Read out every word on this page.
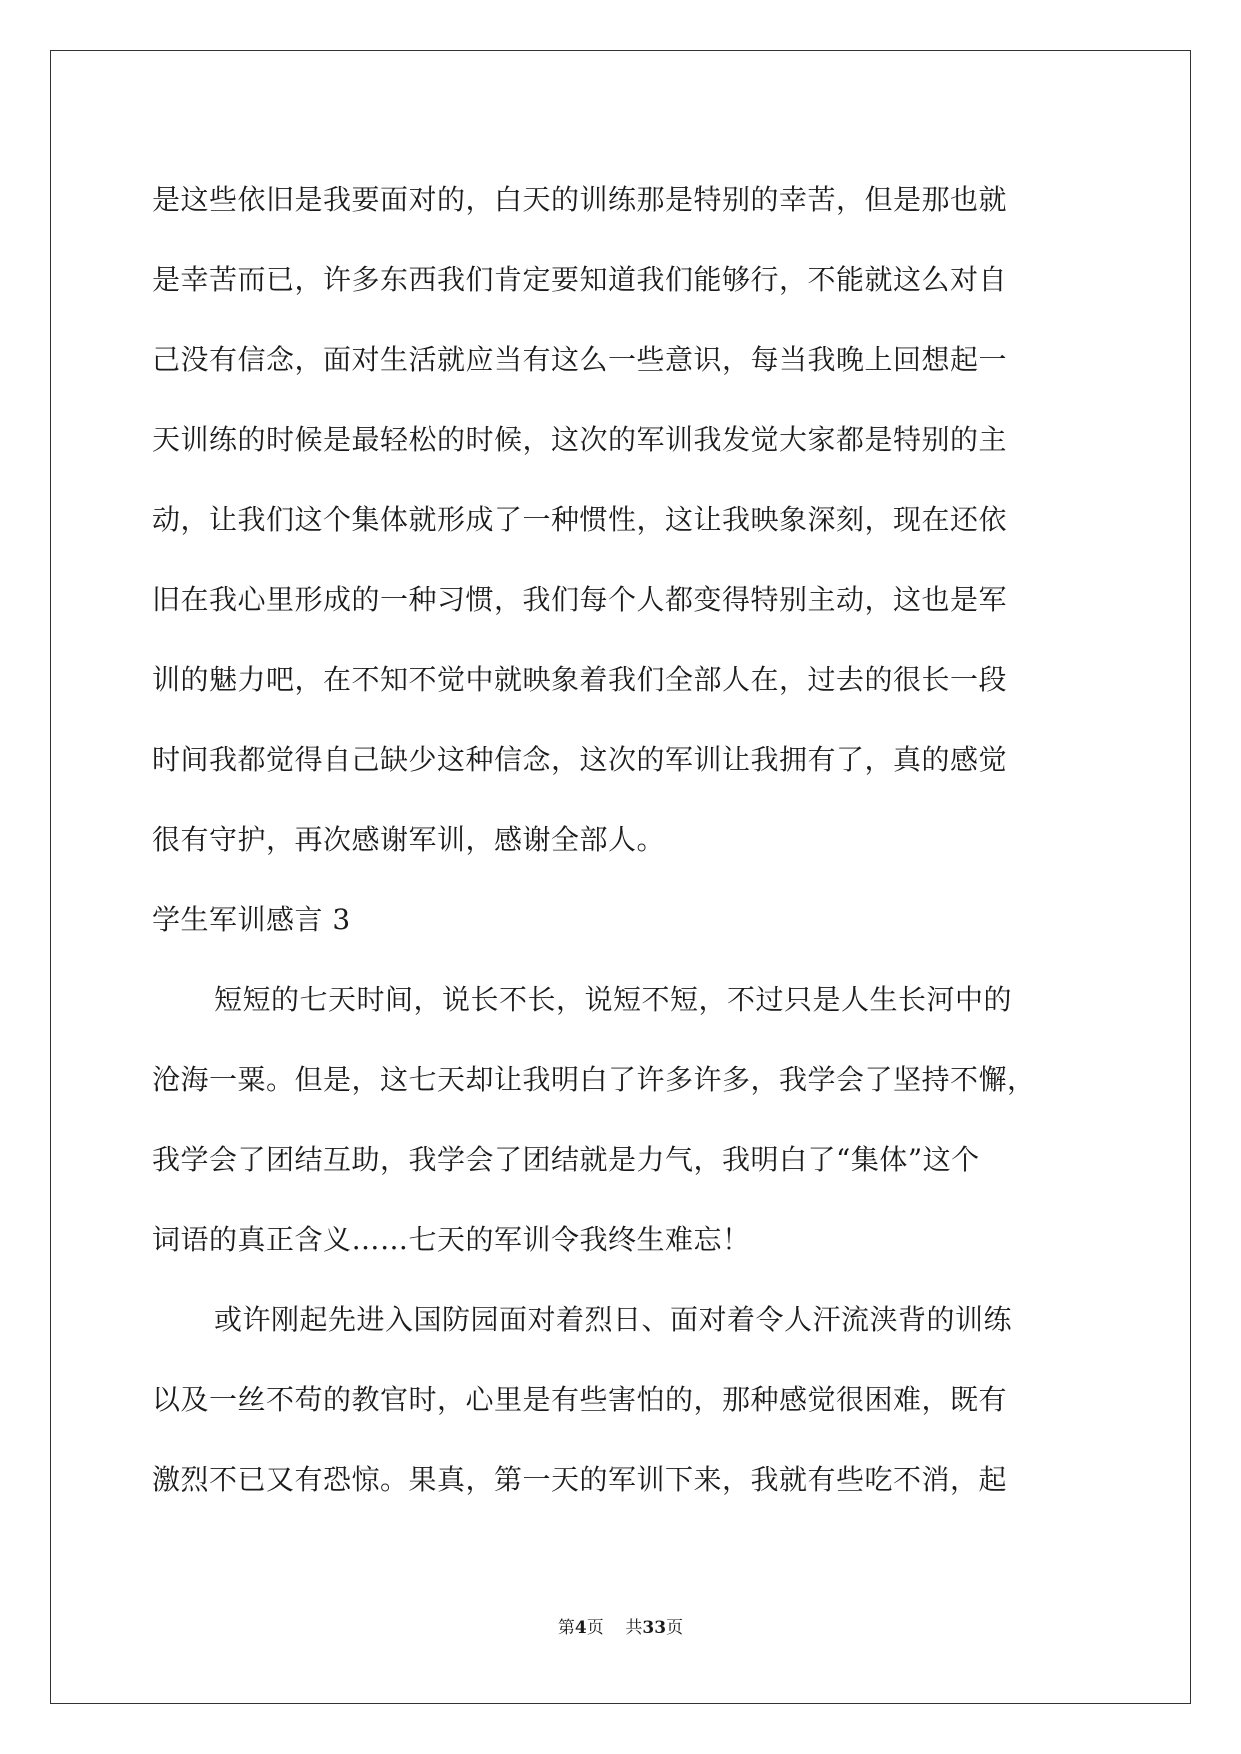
是这些依旧是我要面对的，白天的训练那是特别的幸苦，但是那也就
是幸苦而已，许多东西我们肯定要知道我们能够行，不能就这么对自
己没有信念，面对生活就应当有这么一些意识，每当我晚上回想起一
天训练的时候是最轻松的时候，这次的军训我发觉大家都是特别的主
动，让我们这个集体就形成了一种惯性，这让我映象深刻，现在还依
旧在我心里形成的一种习惯，我们每个人都变得特别主动，这也是军
训的魅力吧，在不知不觉中就映象着我们全部人在，过去的很长一段
时间我都觉得自己缺少这种信念，这次的军训让我拥有了，真的感觉
很有守护，再次感谢军训，感谢全部人。
学生军训感言 3
短短的七天时间，说长不长，说短不短，不过只是人生长河中的
沧海一粟。但是，这七天却让我明白了许多许多，我学会了坚持不懈，
我学会了团结互助，我学会了团结就是力气，我明白了“集体”这个
词语的真正含义……七天的军训令我终生难忘！
或许刚起先进入国防园面对着烈日、面对着令人汗流浃背的训练
以及一丝不苟的教官时，心里是有些害怕的，那种感觉很困难，既有
激烈不已又有恐惊。果真，第一天的军训下来，我就有些吃不消，起
第4页 共33页
